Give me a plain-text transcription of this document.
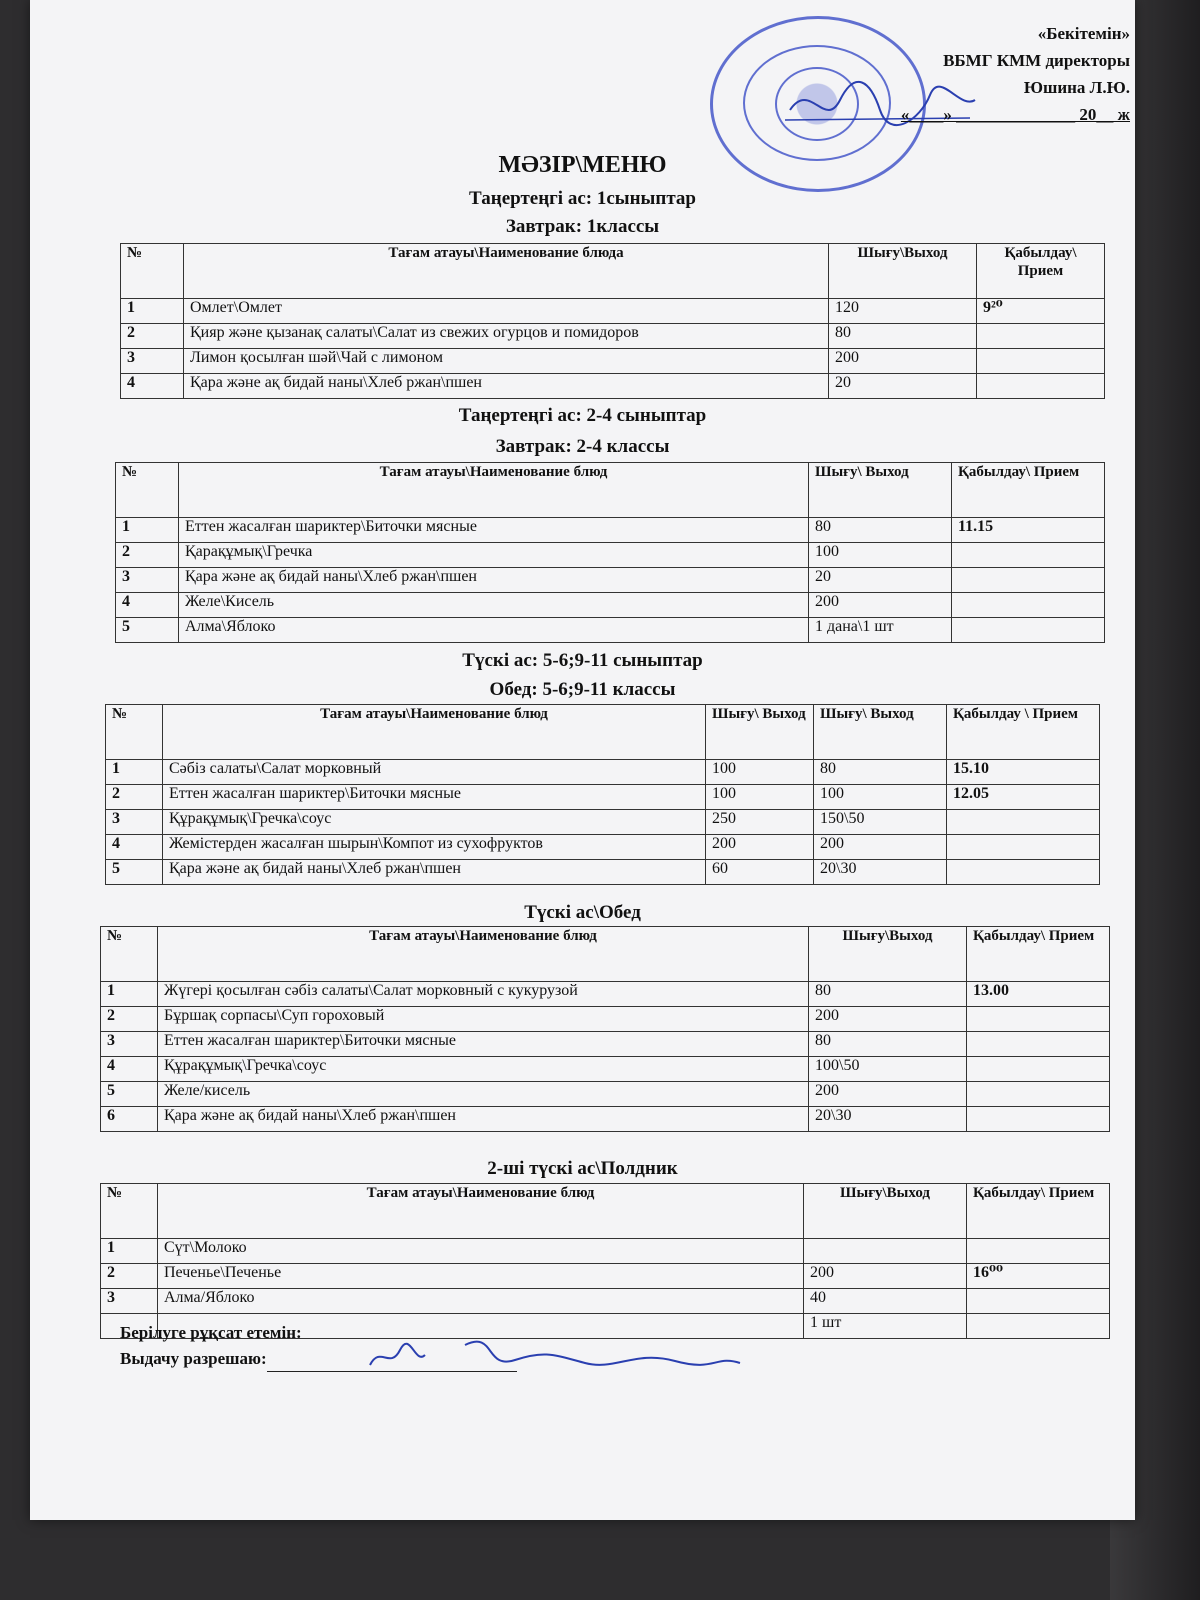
«Бекітемін»
ВБМГ КММ директоры
Юшина Л.Ю.
«____» ______________ 20__ ж
МӘЗІР\МЕНЮ
Таңертеңгі ас: 1сыныптар
Завтрак: 1классы
№	Тағам атауы\Наименование блюда	Шығу\Выход	Қабылдау\ Прием
1	Омлет\Омлет	120	9²⁰
2	Қияр және қызанақ салаты\Салат из свежих огурцов и помидоров	80	
3	Лимон қосылған шәй\Чай с лимоном	200	
4	Қара және ақ бидай наны\Хлеб ржан\пшен	20	
Таңертеңгі ас: 2-4 сыныптар
Завтрак: 2-4 классы
№	Тағам атауы\Наименование блюд	Шығу\ Выход	Қабылдау\ Прием
1	Еттен жасалған шариктер\Биточки мясные	80	11.15
2	Қарақұмық\Гречка	100	
3	Қара және ақ бидай наны\Хлеб ржан\пшен	20	
4	Желе\Кисель	200	
5	Алма\Яблоко	1 дана\1 шт	
Түскі ас: 5-6;9-11 сыныптар
Обед: 5-6;9-11 классы
№	Тағам атауы\Наименование блюд	Шығу\ Выход	Шығу\ Выход	Қабылдау \ Прием
1	Сәбіз салаты\Салат морковный	100	80	15.10
2	Еттен жасалған шариктер\Биточки мясные	100	100	12.05
3	Құрақұмық\Гречка\соус	250	150\50	
4	Жемістерден жасалған шырын\Компот из сухофруктов	200	200	
5	Қара және ақ бидай наны\Хлеб ржан\пшен	60	20\30	
Түскі ас\Обед
№	Тағам атауы\Наименование блюд	Шығу\Выход	Қабылдау\ Прием
1	Жүгері қосылған сәбіз салаты\Салат морковный с кукурузой	80	13.00
2	Бұршақ сорпасы\Суп гороховый	200	
3	Еттен жасалған шариктер\Биточки мясные	80	
4	Құрақұмық\Гречка\соус	100\50	
5	Желе/кисель	200	
6	Қара және ақ бидай наны\Хлеб ржан\пшен	20\30	
2-ші түскі ас\Полдник
№	Тағам атауы\Наименование блюд	Шығу\Выход	Қабылдау\ Прием
1	Сүт\Молоко		
2	Печенье\Печенье	200	16⁰⁰
3	Алма/Яблоко	40	
		1 шт	
Берілуге рұқсат етемін:
Выдачу разрешаю:
